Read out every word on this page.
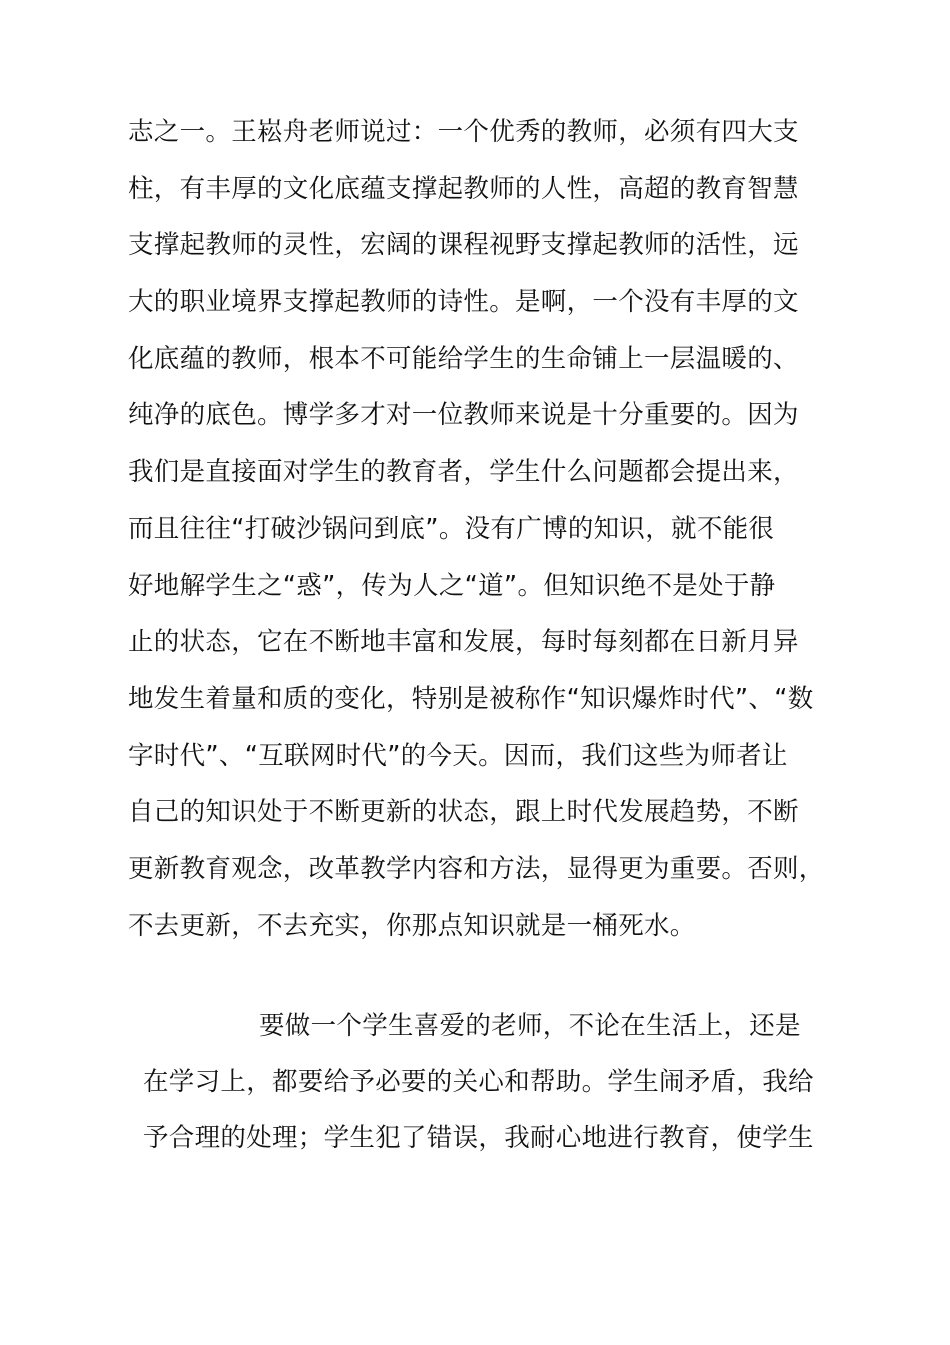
志之一。王崧舟老师说过：一个优秀的教师，必须有四大支
柱，有丰厚的文化底蕴支撑起教师的人性，高超的教育智慧
支撑起教师的灵性，宏阔的课程视野支撑起教师的活性，远
大的职业境界支撑起教师的诗性。是啊，一个没有丰厚的文
化底蕴的教师，根本不可能给学生的生命铺上一层温暖的、
纯净的底色。博学多才对一位教师来说是十分重要的。因为
我们是直接面对学生的教育者，学生什么问题都会提出来，
而且往往“打破沙锅问到底”。没有广博的知识，就不能很
好地解学生之“惑”，传为人之“道”。但知识绝不是处于静
止的状态，它在不断地丰富和发展，每时每刻都在日新月异
地发生着量和质的变化，特别是被称作“知识爆炸时代”、“数
字时代”、“互联网时代”的今天。因而，我们这些为师者让
自己的知识处于不断更新的状态，跟上时代发展趋势，不断
更新教育观念，改革教学内容和方法，显得更为重要。否则，
不去更新，不去充实，你那点知识就是一桶死水。
要做一个学生喜爱的老师，不论在生活上，还是
在学习上，都要给予必要的关心和帮助。学生闹矛盾，我给
予合理的处理；学生犯了错误，我耐心地进行教育，使学生
